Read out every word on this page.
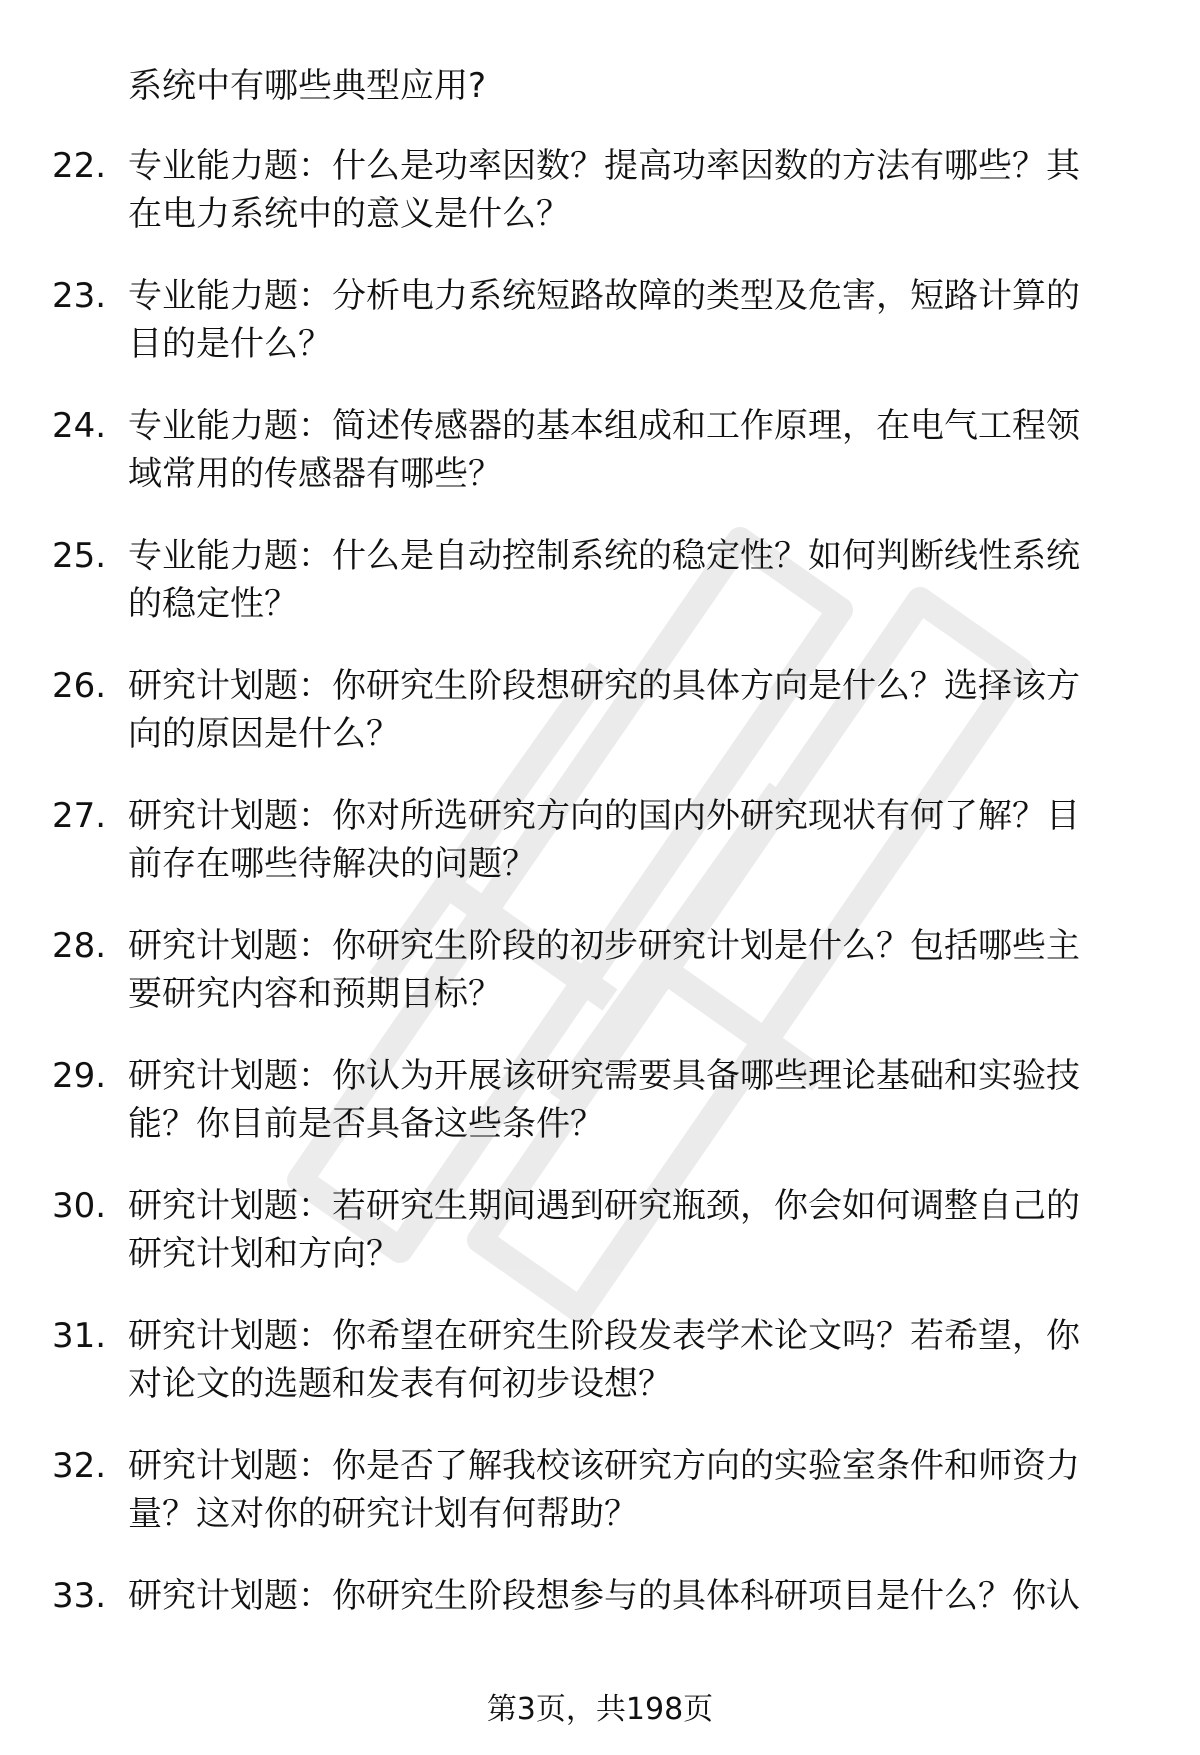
系统中有哪些典型应用?
22. 专业能力题：什么是功率因数？提高功率因数的方法有哪些？其
在电力系统中的意义是什么？
23. 专业能力题：分析电力系统短路故障的类型及危害，短路计算的
目的是什么？
24. 专业能力题：简述传感器的基本组成和工作原理，在电气工程领
域常用的传感器有哪些？
25. 专业能力题：什么是自动控制系统的稳定性？如何判断线性系统
的稳定性？
26. 研究计划题：你研究生阶段想研究的具体方向是什么？选择该方
向的原因是什么？
27. 研究计划题：你对所选研究方向的国内外研究现状有何了解？目
前存在哪些待解决的问题？
28. 研究计划题：你研究生阶段的初步研究计划是什么？包括哪些主
要研究内容和预期目标？
29. 研究计划题：你认为开展该研究需要具备哪些理论基础和实验技
能？你目前是否具备这些条件？
30. 研究计划题：若研究生期间遇到研究瓶颈，你会如何调整自己的
研究计划和方向？
31. 研究计划题：你希望在研究生阶段发表学术论文吗？若希望，你
对论文的选题和发表有何初步设想？
32. 研究计划题：你是否了解我校该研究方向的实验室条件和师资力
量？这对你的研究计划有何帮助？
33. 研究计划题：你研究生阶段想参与的具体科研项目是什么？你认
第3页，共198页
